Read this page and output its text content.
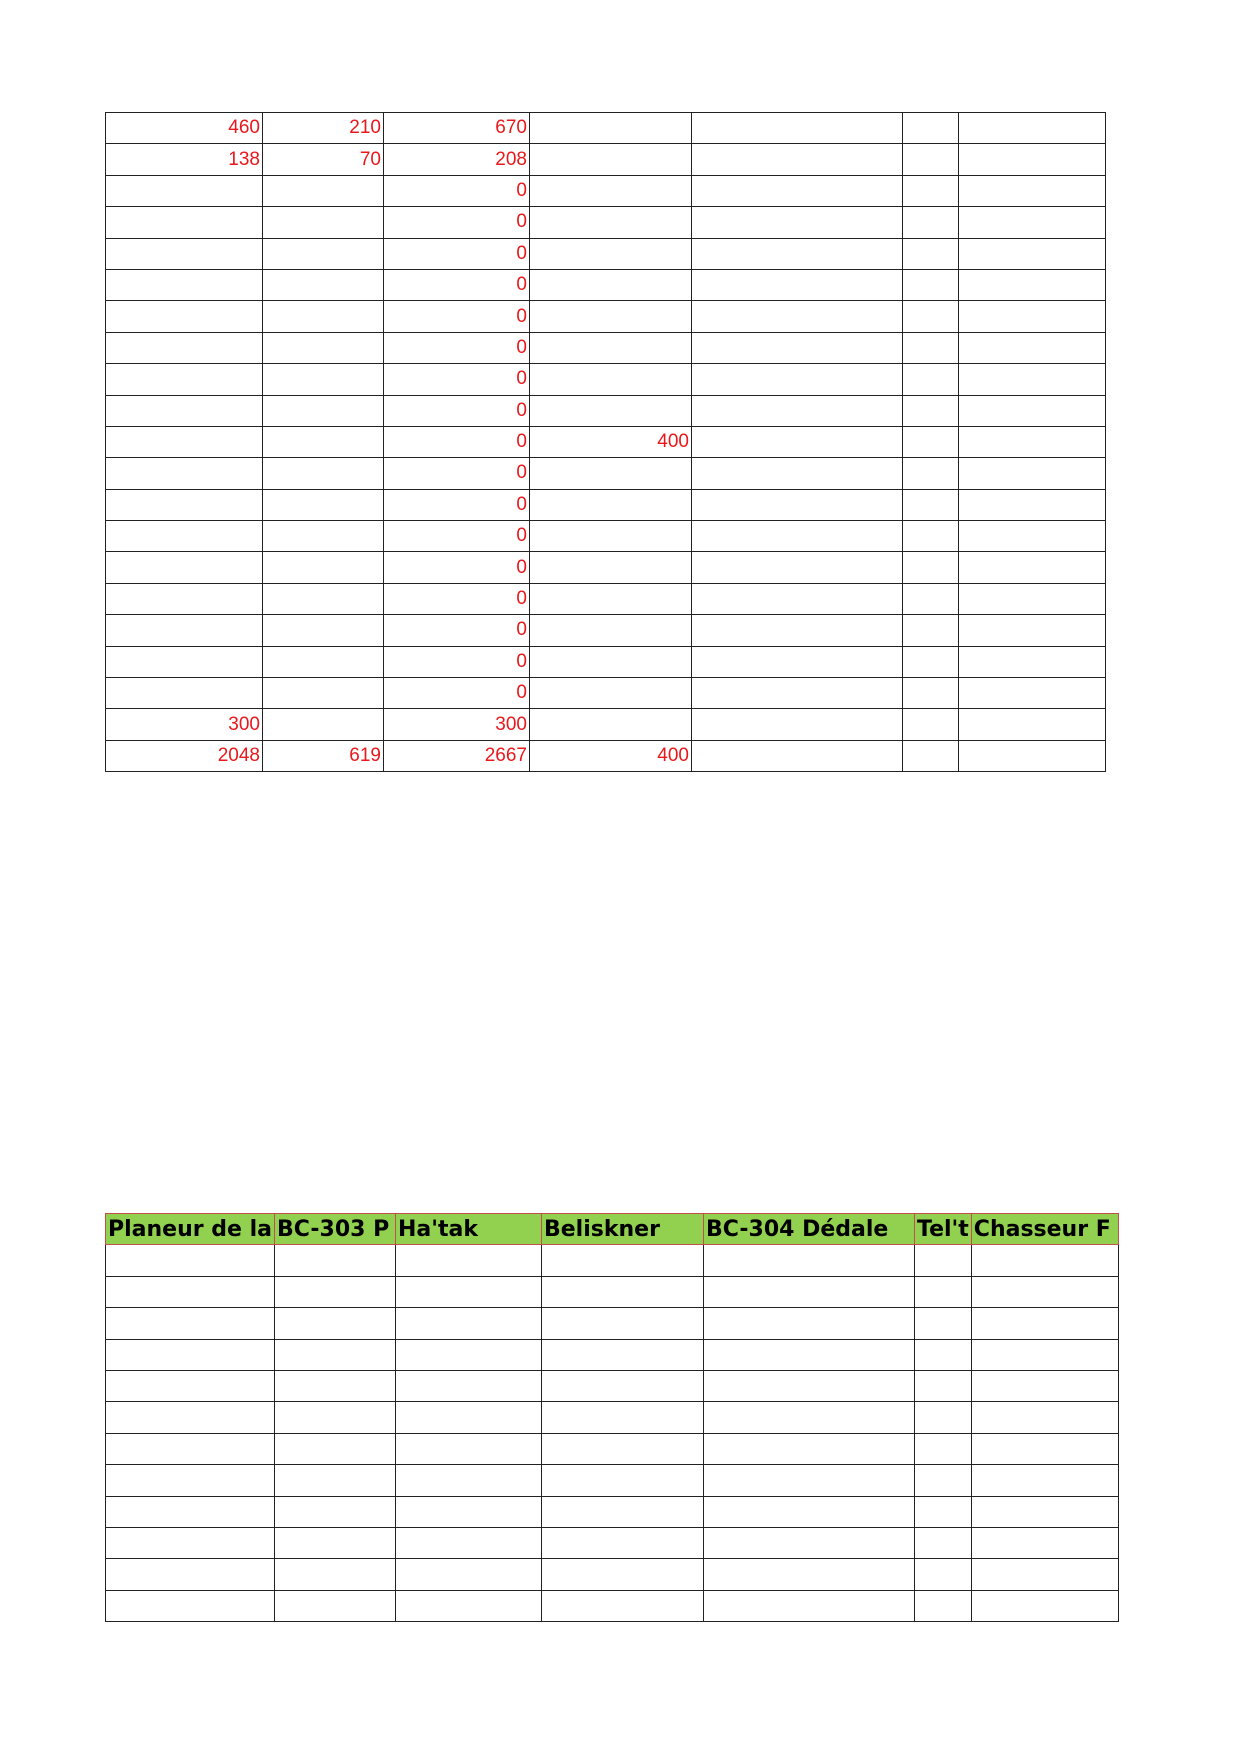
460	210	670				
138	70	208				
		0				
		0				
		0				
		0				
		0				
		0				
		0				
		0				
		0	400			
		0				
		0				
		0				
		0				
		0				
		0				
		0				
		0				
300		300				
2048	619	2667	400			
Planeur de la	BC-303 P	Ha'tak	Beliskner	BC-304 Dédale	Tel't	Chasseur F
